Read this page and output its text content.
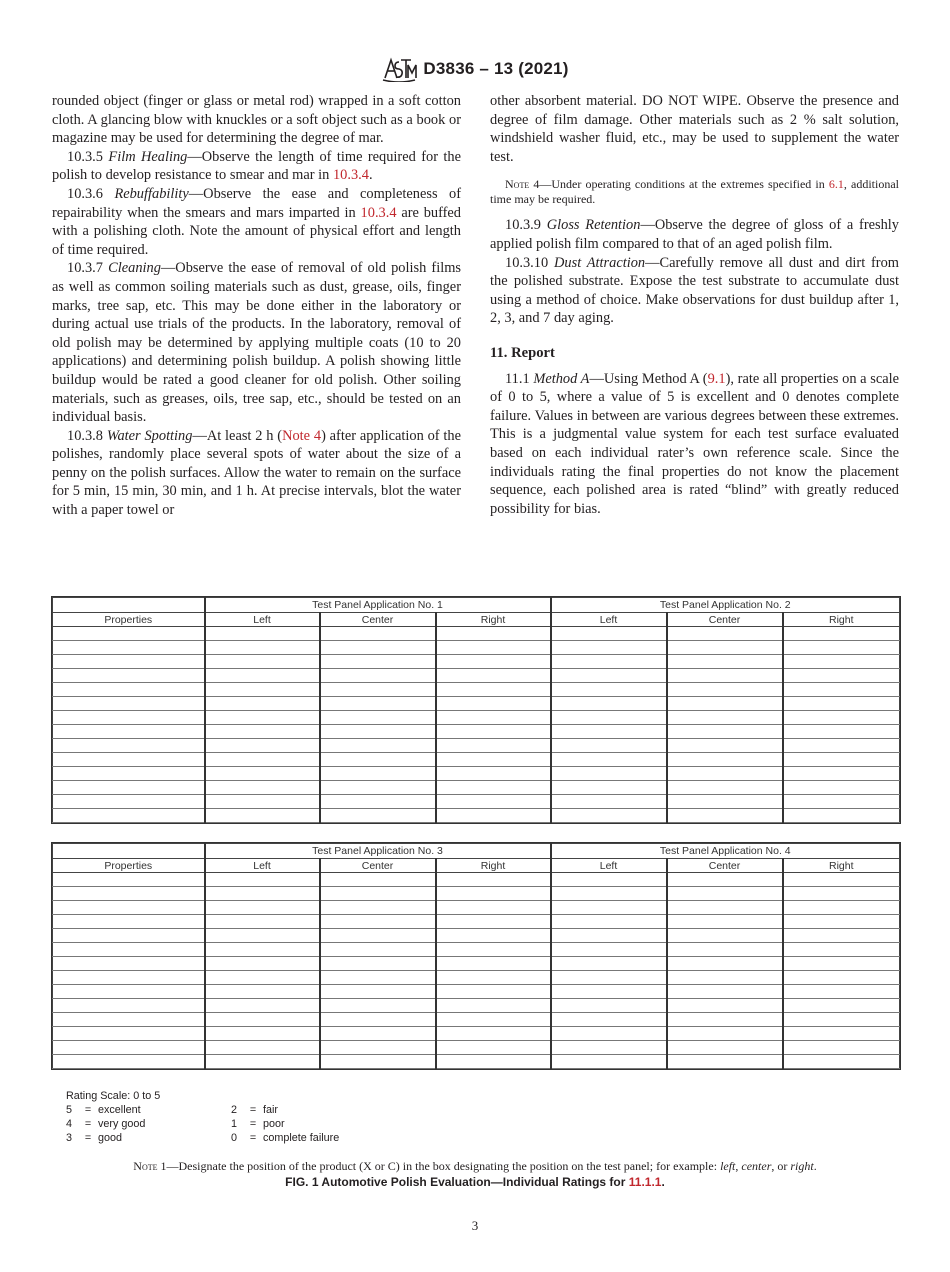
D3836 – 13 (2021)

rounded object (finger or glass or metal rod) wrapped in a soft cotton cloth. A glancing blow with knuckles or a soft object such as a book or magazine may be used for determining the degree of mar.

10.3.5 Film Healing—Observe the length of time required for the polish to develop resistance to smear and mar in 10.3.4.

10.3.6 Rebuffability—Observe the ease and completeness of repairability when the smears and mars imparted in 10.3.4 are buffed with a polishing cloth. Note the amount of physical effort and length of time required.

10.3.7 Cleaning—Observe the ease of removal of old polish films as well as common soiling materials such as dust, grease, oils, finger marks, tree sap, etc. This may be done either in the laboratory or during actual use trials of the products. In the laboratory, removal of old polish may be determined by applying multiple coats (10 to 20 applications) and determining polish buildup. A polish showing little buildup would be rated a good cleaner for old polish. Other soiling materials, such as greases, oils, tree sap, etc., should be tested on an individual basis.

10.3.8 Water Spotting—At least 2 h (Note 4) after application of the polishes, randomly place several spots of water about the size of a penny on the polish surfaces. Allow the water to remain on the surface for 5 min, 15 min, 30 min, and 1 h. At precise intervals, blot the water with a paper towel or

other absorbent material. DO NOT WIPE. Observe the presence and degree of film damage. Other materials such as 2 % salt solution, windshield washer fluid, etc., may be used to supplement the water test.

Note 4—Under operating conditions at the extremes specified in 6.1, additional time may be required.

10.3.9 Gloss Retention—Observe the degree of gloss of a freshly applied polish film compared to that of an aged polish film.

10.3.10 Dust Attraction—Carefully remove all dust and dirt from the polished substrate. Expose the test substrate to accumulate dust using a method of choice. Make observations for dust buildup after 1, 2, 3, and 7 day aging.

11. Report

11.1 Method A—Using Method A (9.1), rate all properties on a scale of 0 to 5, where a value of 5 is excellent and 0 denotes complete failure. Values in between are various degrees between these extremes. This is a judgmental value system for each test surface evaluated based on each individual rater’s own reference scale. Since the individuals rating the final properties do not know the placement sequence, each polished area is rated “blind” with greatly reduced possibility for bias.

	Test Panel Application No. 1			Test Panel Application No. 2		
Properties	Left	Center	Right	Left	Center	Right

	Test Panel Application No. 3			Test Panel Application No. 4		
Properties	Left	Center	Right	Left	Center	Right

Rating Scale: 0 to 5
5	= excellent	2	= fair
4	= very good	1	= poor
3	= good	0	= complete failure
Note 1—Designate the position of the product (X or C) in the box designating the position on the test panel; for example: left, center, or right.
FIG. 1 Automotive Polish Evaluation—Individual Ratings for 11.1.1.
3
